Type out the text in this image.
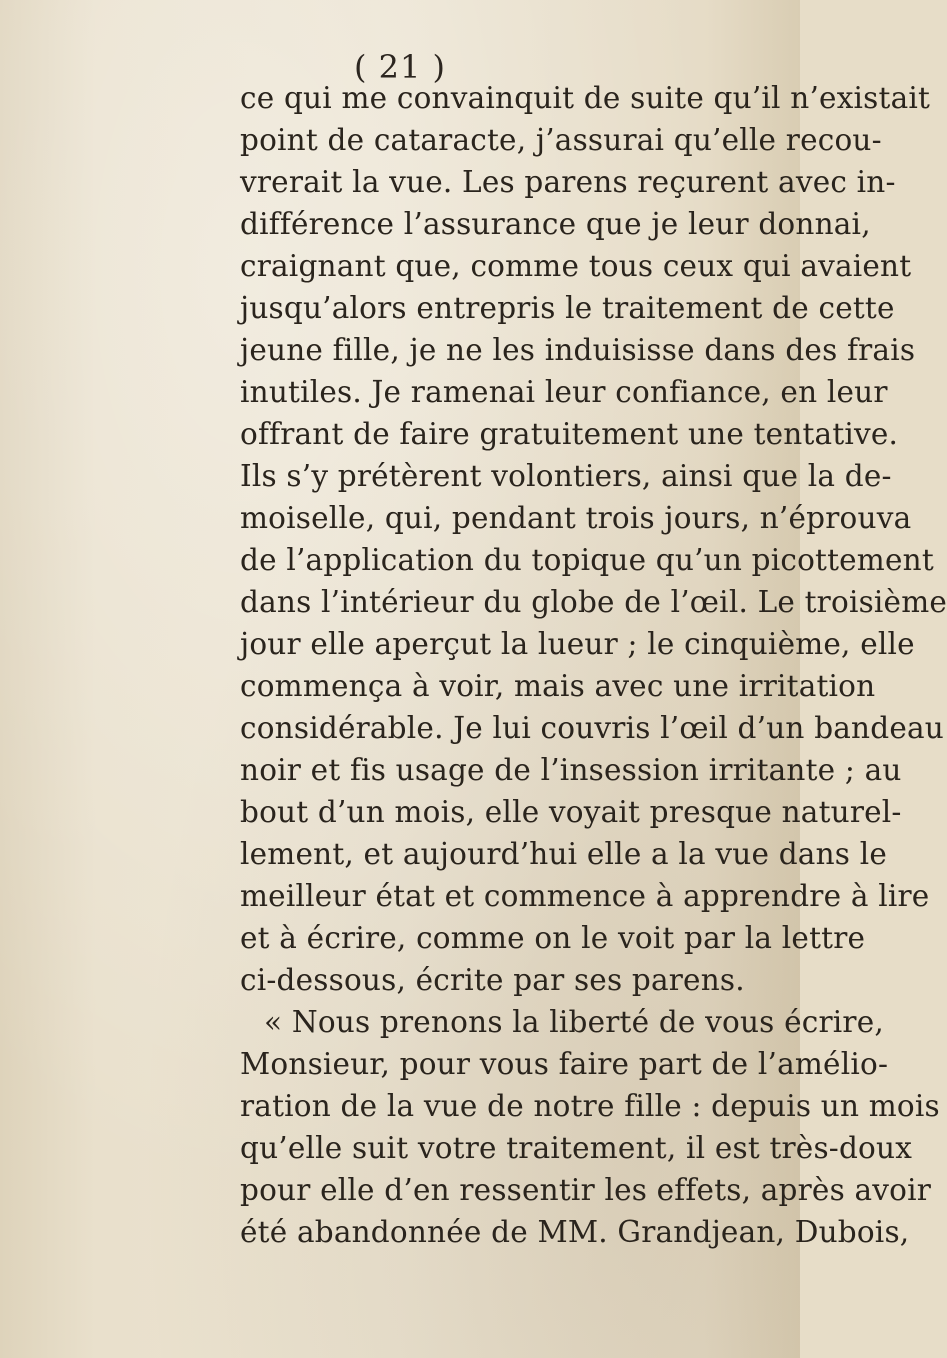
( 21 )
ce qui me convainquit de suite qu’il n’existait
point de cataracte, j’assurai qu’elle recou-
vrerait la vue. Les parens reçurent avec in-
différence l’assurance que je leur donnai,
craignant que, comme tous ceux qui avaient
jusqu’alors entrepris le traitement de cette
jeune fille, je ne les induisisse dans des frais
inutiles. Je ramenai leur confiance, en leur
offrant de faire gratuitement une tentative.
Ils s’y prétèrent volontiers, ainsi que la de-
moiselle, qui, pendant trois jours, n’éprouva
de l’application du topique qu’un picottement
dans l’intérieur du globe de l’œil. Le troisième
jour elle aperçut la lueur ; le cinquième, elle
commença à voir, mais avec une irritation
considérable. Je lui couvris l’œil d’un bandeau
noir et fis usage de l’insession irritante ; au
bout d’un mois, elle voyait presque naturel-
lement, et aujourd’hui elle a la vue dans le
meilleur état et commence à apprendre à lire
et à écrire, comme on le voit par la lettre
ci-dessous, écrite par ses parens.
« Nous prenons la liberté de vous écrire,
Monsieur, pour vous faire part de l’amélio-
ration de la vue de notre fille : depuis un mois
qu’elle suit votre traitement, il est très-doux
pour elle d’en ressentir les effets, après avoir
été abandonnée de MM. Grandjean, Dubois,
